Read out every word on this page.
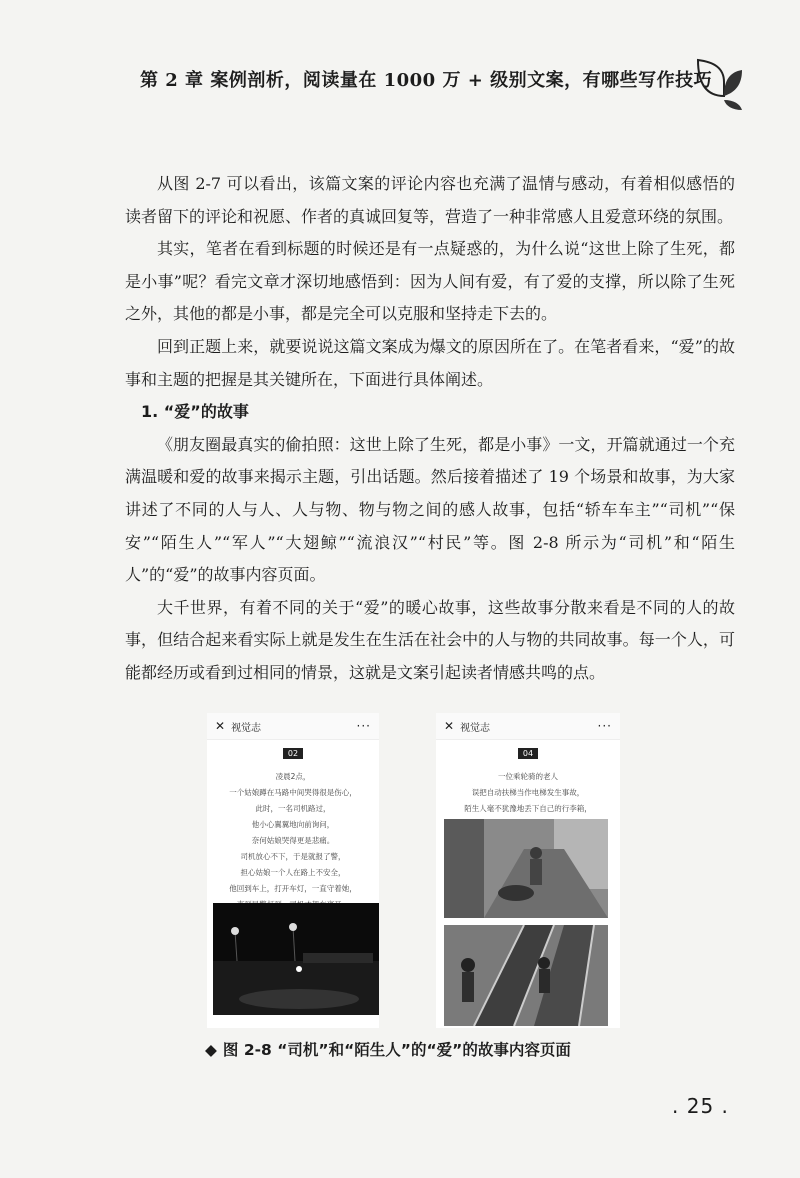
第 2 章 案例剖析，阅读量在 1000 万 + 级别文案，有哪些写作技巧

从图 2-7 可以看出，该篇文案的评论内容也充满了温情与感动，有着相似感悟的读者留下的评论和祝愿、作者的真诚回复等，营造了一种非常感人且爱意环绕的氛围。

其实，笔者在看到标题的时候还是有一点疑惑的，为什么说“这世上除了生死，都是小事”呢？看完文章才深切地感悟到：因为人间有爱，有了爱的支撑，所以除了生死之外，其他的都是小事，都是完全可以克服和坚持走下去的。

回到正题上来，就要说说这篇文案成为爆文的原因所在了。在笔者看来，“爱”的故事和主题的把握是其关键所在，下面进行具体阐述。

1. “爱”的故事

《朋友圈最真实的偷拍照：这世上除了生死，都是小事》一文，开篇就通过一个充满温暖和爱的故事来揭示主题，引出话题。然后接着描述了 19 个场景和故事，为大家讲述了不同的人与人、人与物、物与物之间的感人故事，包括“轿车车主”“司机”“保安”“陌生人”“军人”“大翅鲸”“流浪汉”“村民”等。图 2-8 所示为“司机”和“陌生人”的“爱”的故事内容页面。

大千世界，有着不同的关于“爱”的暖心故事，这些故事分散来看是不同的人的故事，但结合起来看实际上就是发生在生活在社会中的人与物的共同故事。每一个人，可能都经历或看到过相同的情景，这就是文案引起读者情感共鸣的点。

✕ 视觉志	···
02
凌晨2点，
一个姑娘蹲在马路中间哭得很是伤心，
此时，一名司机路过，
他小心翼翼地向前询问，
奈何姑娘哭得更是悲痛。
司机放心不下，于是就报了警，
担心姑娘一个人在路上不安全，
他回到车上，打开车灯，一直守着她，
✕ 视觉志	···
04
一位乘轮骑的老人
误把自动扶梯当作电梯发生事故，
陌生人毫不犹豫地丢下自己的行李箱，
◆ 图 2-8 “司机”和“陌生人”的“爱”的故事内容页面
. 25 .
